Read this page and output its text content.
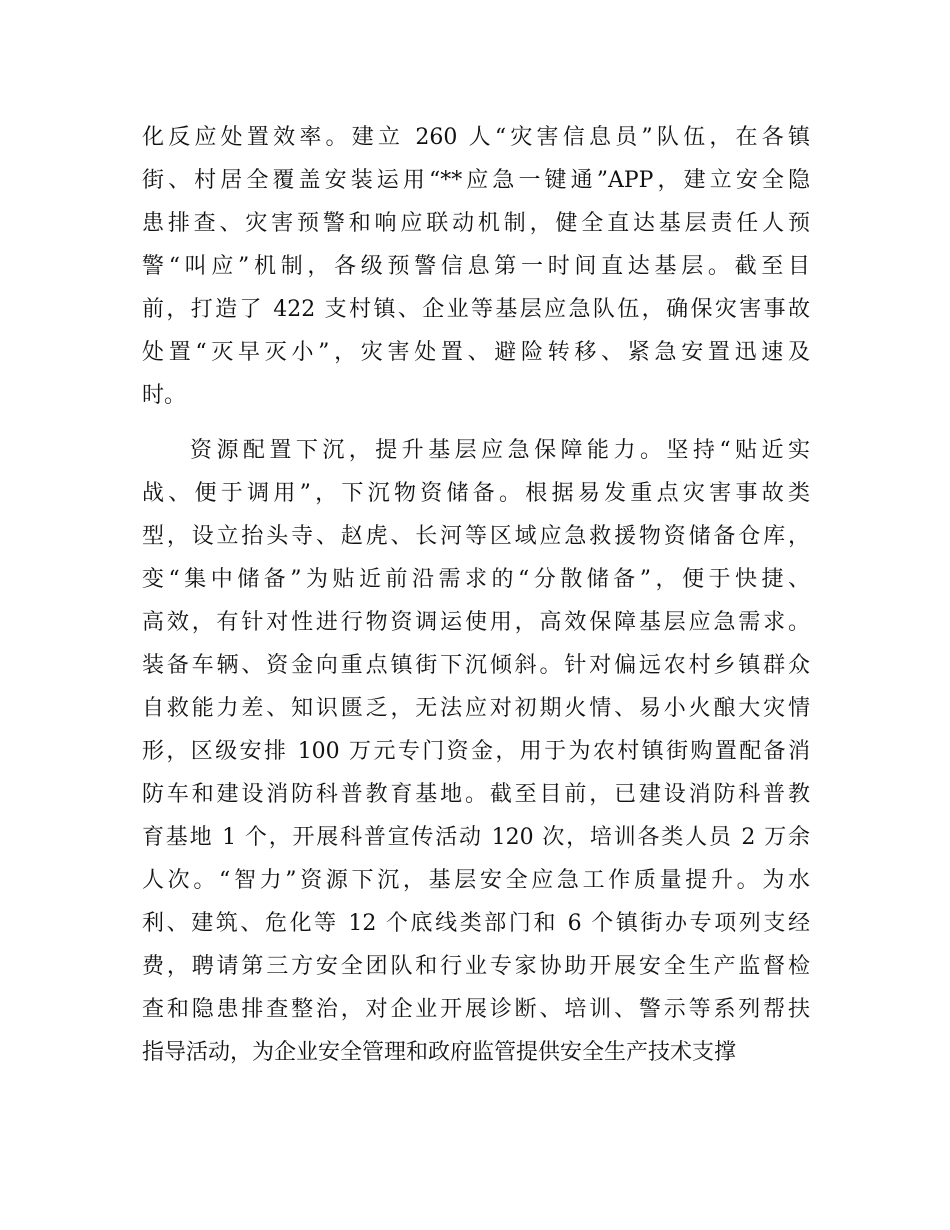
化反应处置效率。建立 260 人“灾害信息员”队伍，在各镇
街、村居全覆盖安装运用“**应急一键通”APP，建立安全隐
患排查、灾害预警和响应联动机制，健全直达基层责任人预
警“叫应”机制，各级预警信息第一时间直达基层。截至目
前，打造了 422 支村镇、企业等基层应急队伍，确保灾害事故
处置“灭早灭小”，灾害处置、避险转移、紧急安置迅速及
时。
资源配置下沉，提升基层应急保障能力。坚持“贴近实
战、便于调用”，下沉物资储备。根据易发重点灾害事故类
型，设立抬头寺、赵虎、长河等区域应急救援物资储备仓库，
变“集中储备”为贴近前沿需求的“分散储备”，便于快捷、
高效，有针对性进行物资调运使用，高效保障基层应急需求。
装备车辆、资金向重点镇街下沉倾斜。针对偏远农村乡镇群众
自救能力差、知识匮乏，无法应对初期火情、易小火酿大灾情
形，区级安排 100 万元专门资金，用于为农村镇街购置配备消
防车和建设消防科普教育基地。截至目前，已建设消防科普教
育基地 1 个，开展科普宣传活动 120 次，培训各类人员 2 万余
人次。“智力”资源下沉，基层安全应急工作质量提升。为水
利、建筑、危化等 12 个底线类部门和 6 个镇街办专项列支经
费，聘请第三方安全团队和行业专家协助开展安全生产监督检
查和隐患排查整治，对企业开展诊断、培训、警示等系列帮扶
指导活动，为企业安全管理和政府监管提供安全生产技术支撑
